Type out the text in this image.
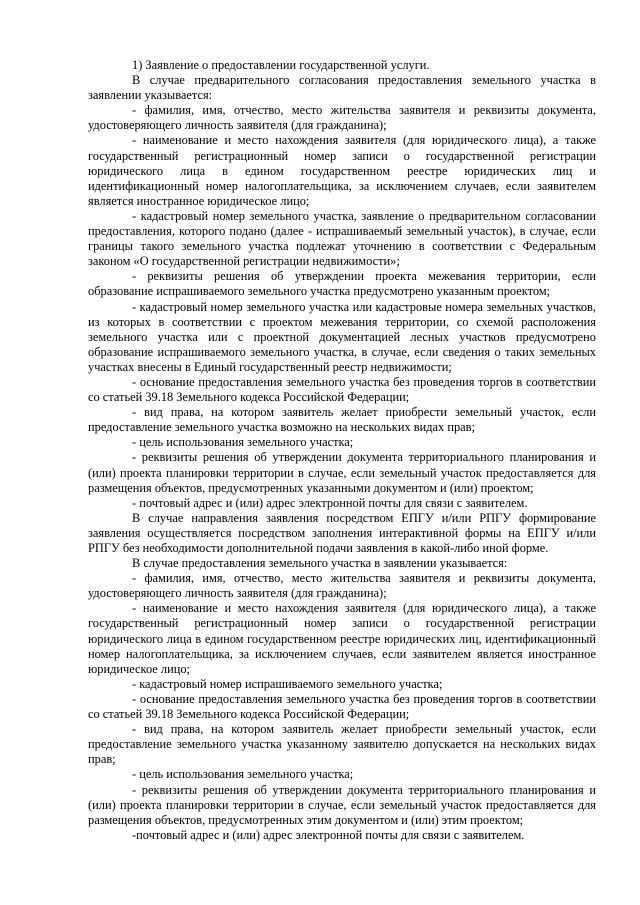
1) Заявление о предоставлении государственной услуги.

В случае предварительного согласования предоставления земельного участка в заявлении указывается:

- фамилия, имя, отчество, место жительства заявителя и реквизиты документа, удостоверяющего личность заявителя (для гражданина);

- наименование и место нахождения заявителя (для юридического лица), а также государственный регистрационный номер записи о государственной регистрации юридического лица в едином государственном реестре юридических лиц и идентификационный номер налогоплательщика, за исключением случаев, если заявителем является иностранное юридическое лицо;

- кадастровый номер земельного участка, заявление о предварительном согласовании предоставления, которого подано (далее - испрашиваемый земельный участок), в случае, если границы такого земельного участка подлежат уточнению в соответствии с Федеральным законом «О государственной регистрации недвижимости»;

- реквизиты решения об утверждении проекта межевания территории, если образование испрашиваемого земельного участка предусмотрено указанным проектом;

- кадастровый номер земельного участка или кадастровые номера земельных участков, из которых в соответствии с проектом межевания территории, со схемой расположения земельного участка или с проектной документацией лесных участков предусмотрено образование испрашиваемого земельного участка, в случае, если сведения о таких земельных участках внесены в Единый государственный реестр недвижимости;

- основание предоставления земельного участка без проведения торгов в соответствии со статьей 39.18 Земельного кодекса Российской Федерации;

- вид права, на котором заявитель желает приобрести земельный участок, если предоставление земельного участка возможно на нескольких видах прав;

- цель использования земельного участка;

- реквизиты решения об утверждении документа территориального планирования и (или) проекта планировки территории в случае, если земельный участок предоставляется для размещения объектов, предусмотренных указанными документом и (или) проектом;

- почтовый адрес и (или) адрес электронной почты для связи с заявителем.

В случае направления заявления посредством ЕПГУ и/или РПГУ формирование заявления осуществляется посредством заполнения интерактивной формы на ЕПГУ и/или РПГУ без необходимости дополнительной подачи заявления в какой-либо иной форме.

В случае предоставления земельного участка в заявлении указывается:

- фамилия, имя, отчество, место жительства заявителя и реквизиты документа, удостоверяющего личность заявителя (для гражданина);

- наименование и место нахождения заявителя (для юридического лица), а также государственный регистрационный номер записи о государственной регистрации юридического лица в едином государственном реестре юридических лиц, идентификационный номер налогоплательщика, за исключением случаев, если заявителем является иностранное юридическое лицо;

- кадастровый номер испрашиваемого земельного участка;

- основание предоставления земельного участка без проведения торгов в соответствии со статьей 39.18 Земельного кодекса Российской Федерации;

- вид права, на котором заявитель желает приобрести земельный участок, если предоставление земельного участка указанному заявителю допускается на нескольких видах прав;

- цель использования земельного участка;

- реквизиты решения об утверждении документа территориального планирования и (или) проекта планировки территории в случае, если земельный участок предоставляется для размещения объектов, предусмотренных этим документом и (или) этим проектом;

-почтовый адрес и (или) адрес электронной почты для связи с заявителем.
